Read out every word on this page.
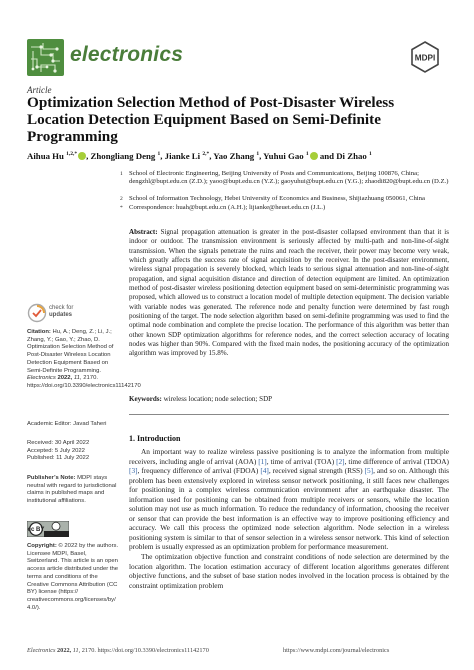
electronics	MDPI
Article
Optimization Selection Method of Post-Disaster Wireless Location Detection Equipment Based on Semi-Definite Programming
Aihua Hu $^{1,2,*}$ , Zhongliang Deng $^1$, Jianke Li $^{2,*}$, Yao Zhang $^1$, Yuhui Gao $^1$ and Di Zhao $^1$
1 School of Electronic Engineering, Beijing University of Posts and Communications, Beijing 100876, China; dengzhl@bupt.edu.cn (Z.D.); yaoo@bupt.edu.cn (Y.Z.); gaoyuhui@bupt.edu.cn (Y.G.); zhaodi820@bupt.edu.cn (D.Z.)
2 School of Information Technology, Hebei University of Economics and Business, Shijiazhuang 050061, China
* Correspondence: huah@bupt.edu.cn (A.H.); lijianke@heuet.edu.cn (J.L.)
Abstract: Signal propagation attenuation is greater in the post-disaster collapsed environment than that it is indoor or outdoor. The transmission environment is seriously affected by multi-path and non-line-of-sight transmission. When the signals penetrate the ruins and reach the receiver, their power may become very weak, which greatly affects the success rate of signal acquisition by the receiver. In the post-disaster environment, wireless signal propagation is severely blocked, which leads to serious signal attenuation and non-line-of-sight propagation, and signal acquisition distance and direction of detection equipment are limited. An optimization method of post-disaster wireless positioning detection equipment based on semi-deterministic programming was proposed, which allowed us to construct a location model of multiple detection equipment. The decision variable with variable nodes was generated. The reference node and penalty function were determined by fast rough positioning of the target. The node selection algorithm based on semi-definite programming was used to find the optimal node combination and complete the precise location. The performance of this algorithm was better than other known SDP optimization algorithms for reference nodes, and the correct selection accuracy of locating nodes was higher than 90%. Compared with the fixed main nodes, the positioning accuracy of the optimization algorithm was improved by 15.8%.
Keywords: wireless location; node selection; SDP
check for
updates
Citation: Hu, A.; Deng, Z.; Li, J.; Zhang, Y.; Gao, Y.; Zhao, D. Optimization Selection Method of Post-Disaster Wireless Location Detection Equipment Based on Semi-Definite Programming. Electronics 2022, 11, 2170. https://doi.org/10.3390/electronics11142170
Academic Editor: Javad Taheri
Received: 30 April 2022
Accepted: 5 July 2022
Published: 11 July 2022
Publisher’s Note: MDPI stays neutral with regard to jurisdictional claims in published maps and institutional affiliations.
cc BY
Copyright: © 2022 by the authors. Licensee MDPI, Basel, Switzerland. This article is an open access article distributed under the terms and conditions of the Creative Commons Attribution (CC BY) license (https:// creativecommons.org/licenses/by/ 4.0/).
1. Introduction

An important way to realize wireless passive positioning is to analyze the information from multiple receivers, including angle of arrival (AOA) [1], time of arrival (TOA) [2], time difference of arrival (TDOA) [3], frequency difference of arrival (FDOA) [4], received signal strength (RSS) [5], and so on. Although this problem has been extensively explored in wireless sensor network positioning, it still faces new challenges for positioning in a complex wireless communication environment after an earthquake disaster. The information used for positioning can be obtained from multiple receivers or sensors, while the location solution may not use as much information. To reduce the redundancy of information, choosing the receiver or sensor that can provide the best information is an effective way to improve positioning efficiency and accuracy. We call this process the optimized node selection algorithm. Node selection in a wireless positioning system is similar to that of sensor selection in a wireless sensor network. This kind of selection problem is usually expressed as an optimization problem for performance measurement.

The optimization objective function and constraint conditions of node selection are determined by the location algorithm. The location estimation accuracy of different location algorithms generates different objective functions, and the subset of base station nodes involved in the location process is obtained by the constraint optimization problem

Electronics 2022, 11, 2170. https://doi.org/10.3390/electronics11142170	https://www.mdpi.com/journal/electronics
